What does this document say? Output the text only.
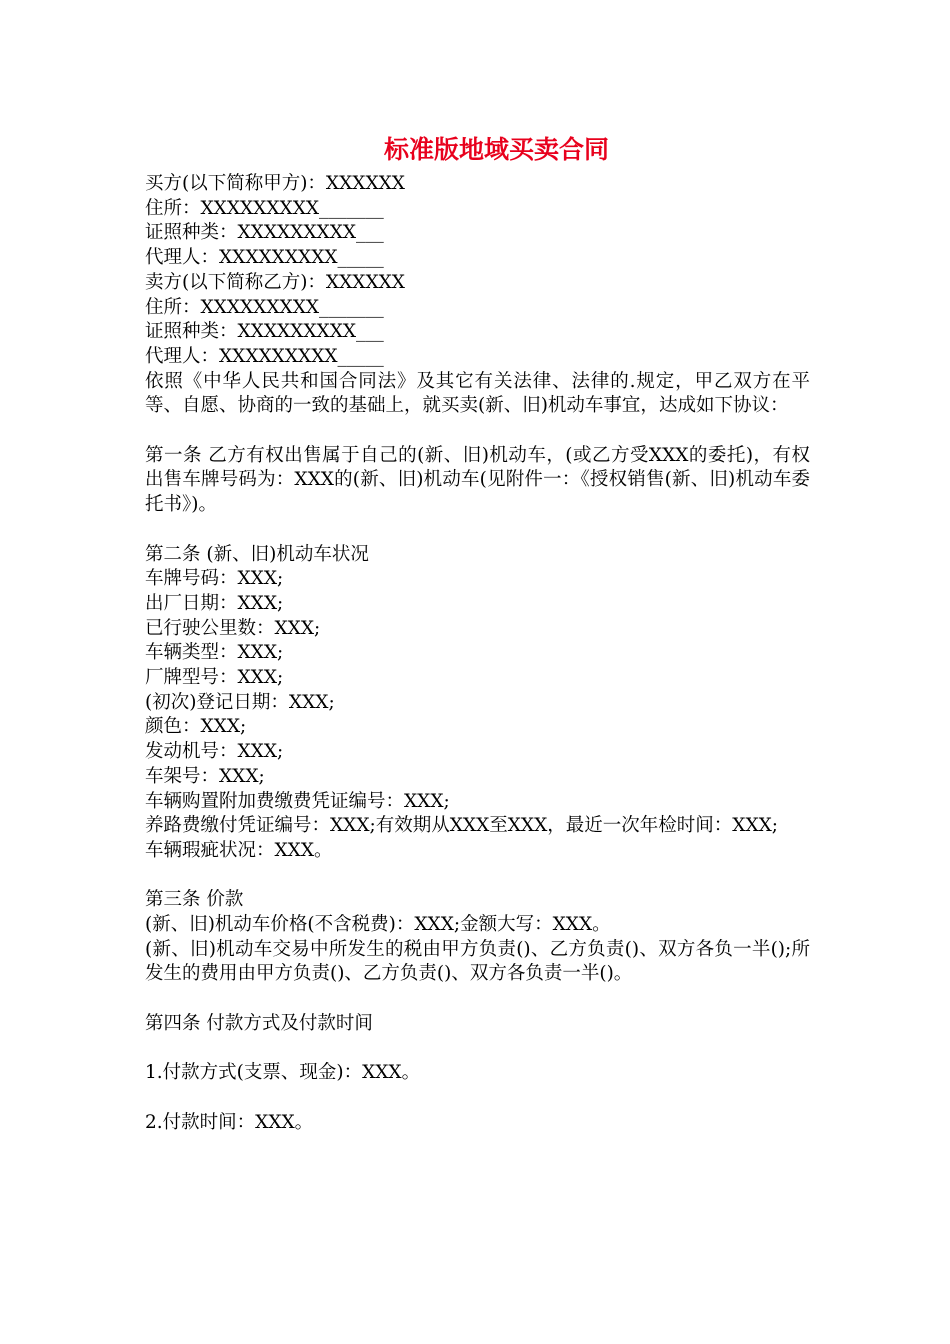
标准版地域买卖合同
买方(以下简称甲方)：XXXXXX
住所：XXXXXXXXX_______
证照种类：XXXXXXXXX___
代理人：XXXXXXXXX_____
卖方(以下简称乙方)：XXXXXX
住所：XXXXXXXXX_______
证照种类：XXXXXXXXX___
代理人：XXXXXXXXX_____
依照《中华人民共和国合同法》及其它有关法律、法律的.规定，甲乙双方在平等、自愿、协商的一致的基础上，就买卖(新、旧)机动车事宜，达成如下协议：
第一条 乙方有权出售属于自己的(新、旧)机动车，(或乙方受XXX的委托)，有权出售车牌号码为：XXX的(新、旧)机动车(见附件一：《授权销售(新、旧)机动车委托书》)。
第二条 (新、旧)机动车状况
车牌号码：XXX;
出厂日期：XXX;
已行驶公里数：XXX;
车辆类型：XXX;
厂牌型号：XXX;
(初次)登记日期：XXX;
颜色：XXX;
发动机号：XXX;
车架号：XXX;
车辆购置附加费缴费凭证编号：XXX;
养路费缴付凭证编号：XXX;有效期从XXX至XXX，最近一次年检时间：XXX;
车辆瑕疵状况：XXX。
第三条 价款
(新、旧)机动车价格(不含税费)：XXX;金额大写：XXX。
(新、旧)机动车交易中所发生的税由甲方负责()、乙方负责()、双方各负一半();所发生的费用由甲方负责()、乙方负责()、双方各负责一半()。
第四条 付款方式及付款时间
1.付款方式(支票、现金)：XXX。
2.付款时间：XXX。
